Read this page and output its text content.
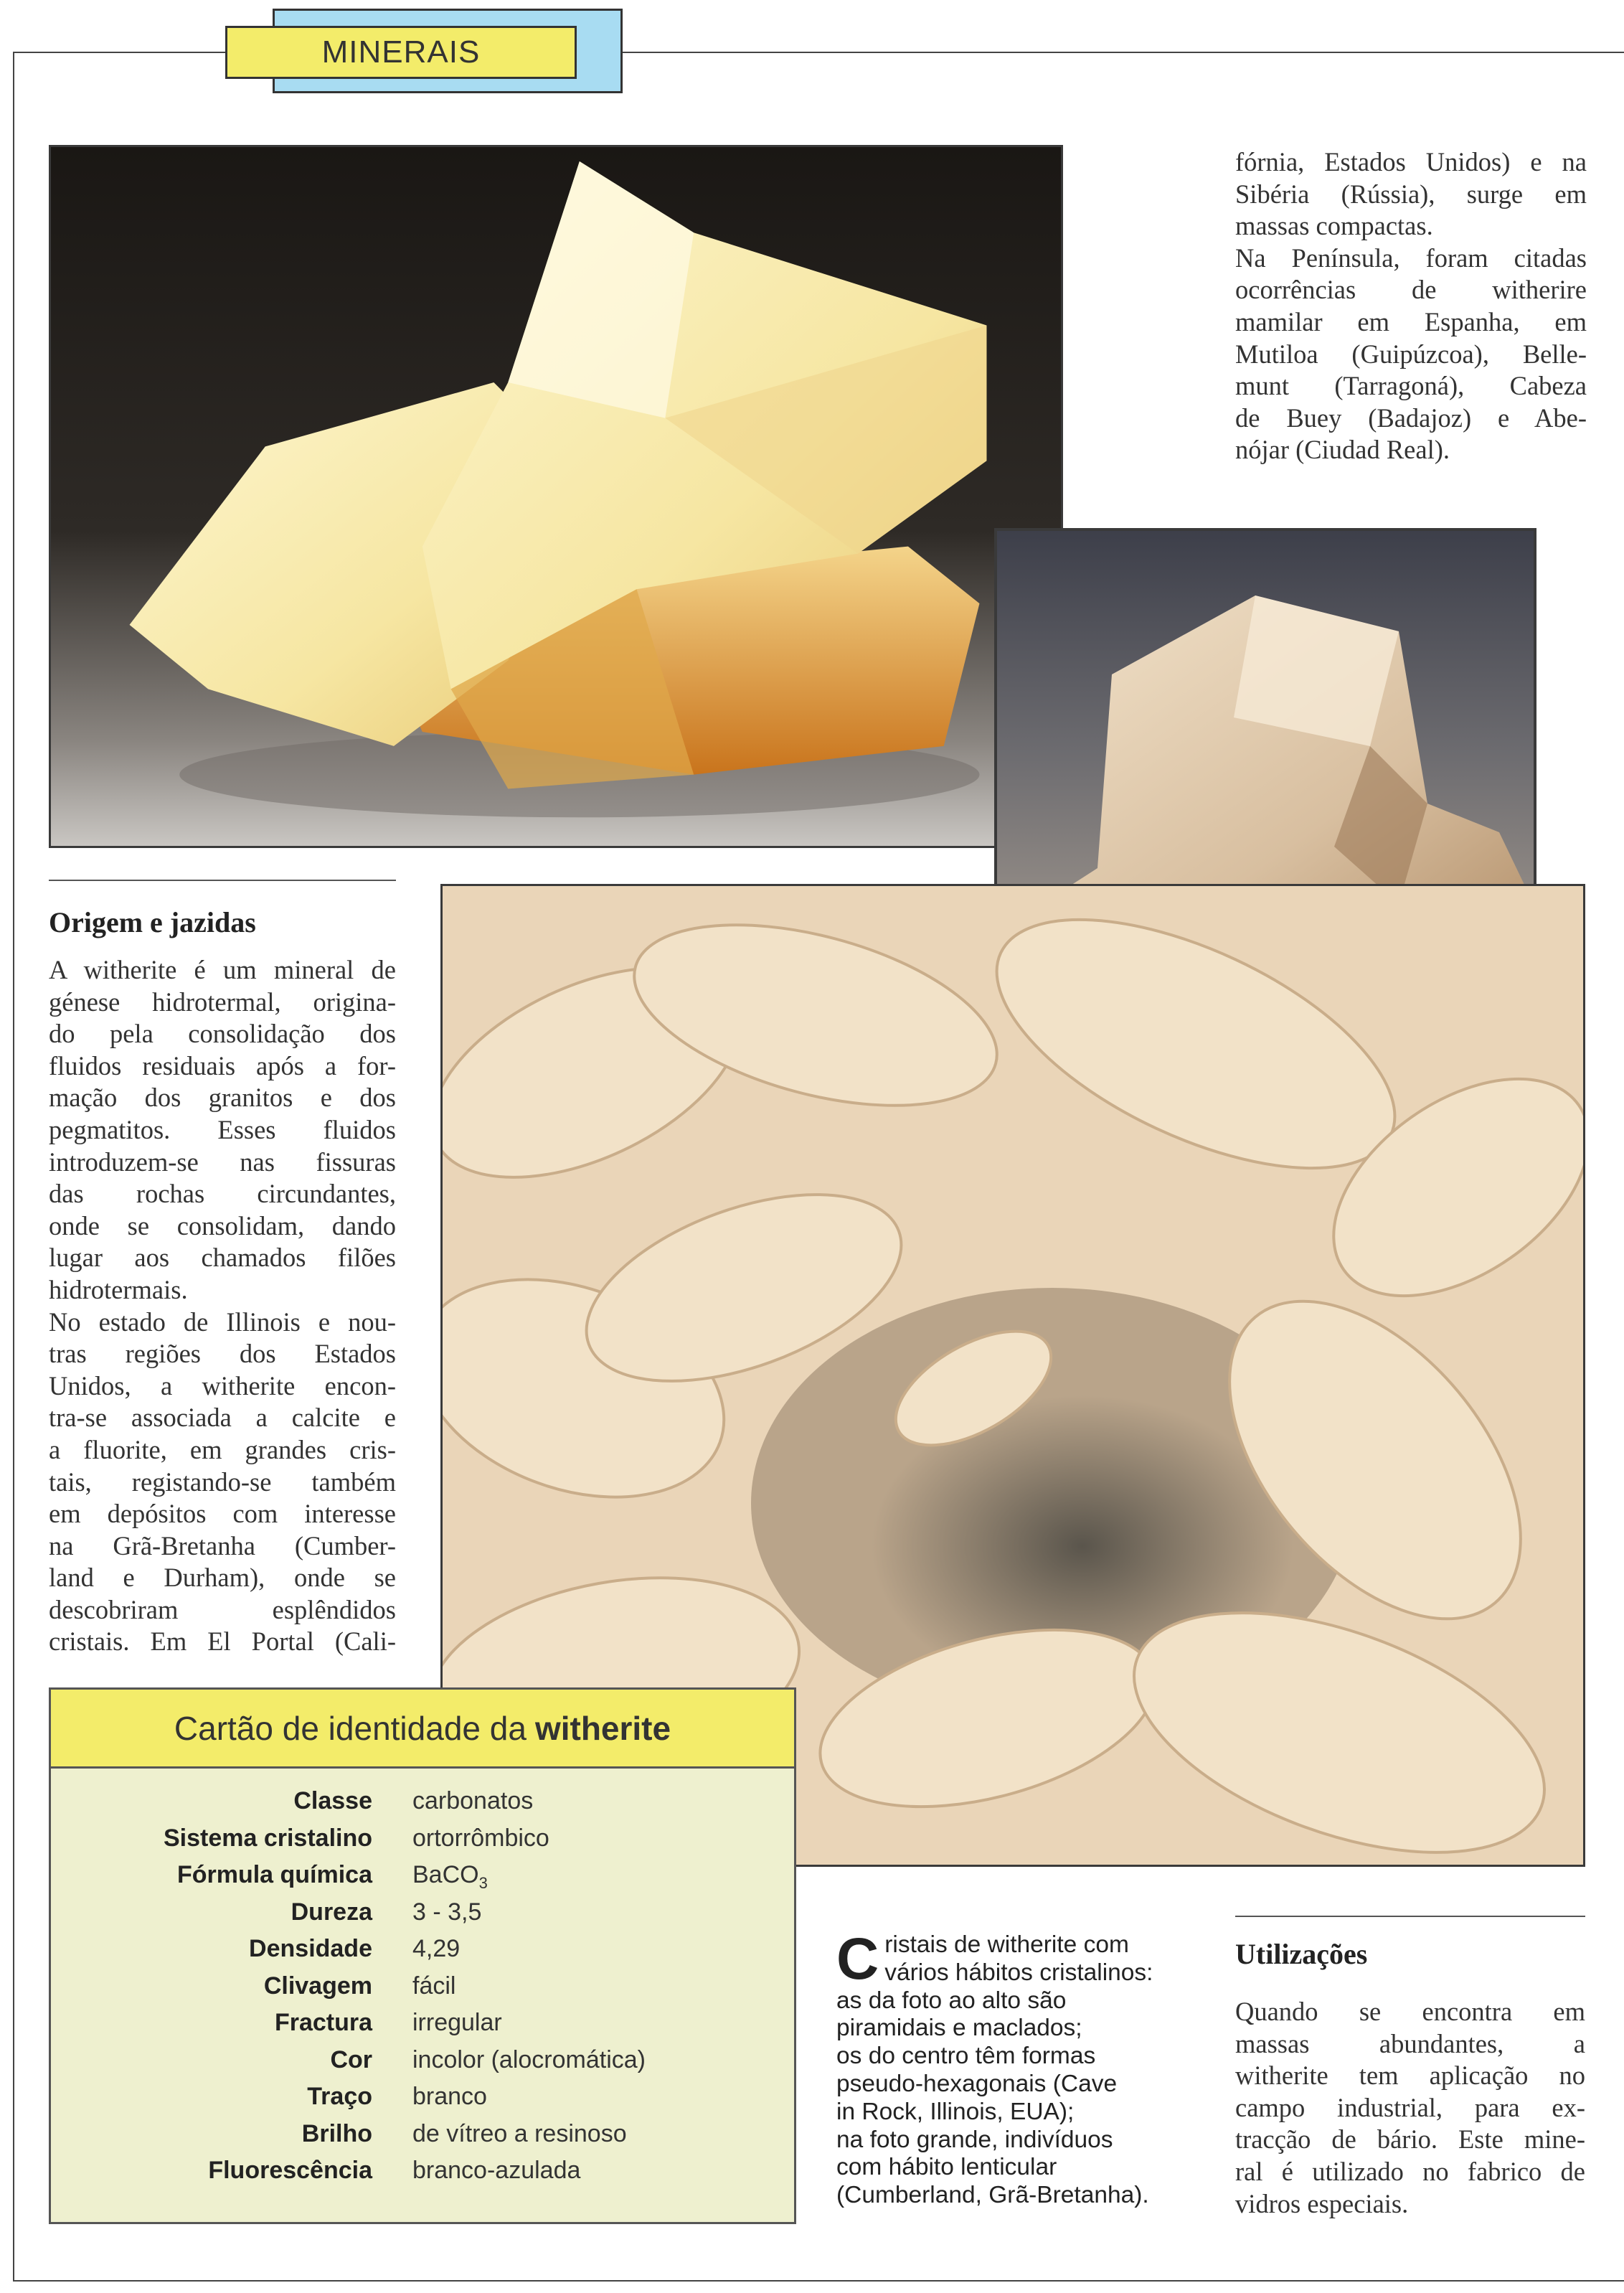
MINERAIS

fórnia, Estados Unidos) e na

Sibéria (Rússia), surge em

massas compactas.

Na Península, foram citadas

ocorrências de witherire

mamilar em Espanha, em

Mutiloa (Guipúzcoa), Belle-

munt (Tarragoná), Cabeza

de Buey (Badajoz) e Abe-

nójar (Ciudad Real).

Origem e jazidas

A witherite é um mineral de

génese hidrotermal, origina-

do pela consolidação dos

fluidos residuais após a for-

mação dos granitos e dos

pegmatitos. Esses fluidos

introduzem-se nas fissuras

das rochas circundantes,

onde se consolidam, dando

lugar aos chamados filões

hidrotermais.

No estado de Illinois e nou-

tras regiões dos Estados

Unidos, a witherite encon-

tra-se associada a calcite e

a fluorite, em grandes cris-

tais, registando-se também

em depósitos com interesse

na Grã-Bretanha (Cumber-

land e Durham), onde se

descobriram esplêndidos

cristais. Em El Portal (Cali-

Cartão de identidade da witherite
Classe carbonatos
Sistema cristalino ortorrômbico
Fórmula química BaCO$_3$
Dureza 3 - 3,5
Densidade 4,29
Clivagem fácil
Fractura irregular
Cor incolor (alocromática)
Traço branco
Brilho de vítreo a resinoso
Fluorescência branco-azulada
C ristais de witherite com
vários hábitos cristalinos:
as da foto ao alto são
piramidais e maclados;
os do centro têm formas
pseudo-hexagonais (Cave
in Rock, Illinois, EUA);
na foto grande, indivíduos
com hábito lenticular
(Cumberland, Grã-Bretanha).
Utilizações

Quando se encontra em

massas abundantes, a

witherite tem aplicação no

campo industrial, para ex-

tracção de bário. Este mine-

ral é utilizado no fabrico de

vidros especiais.
